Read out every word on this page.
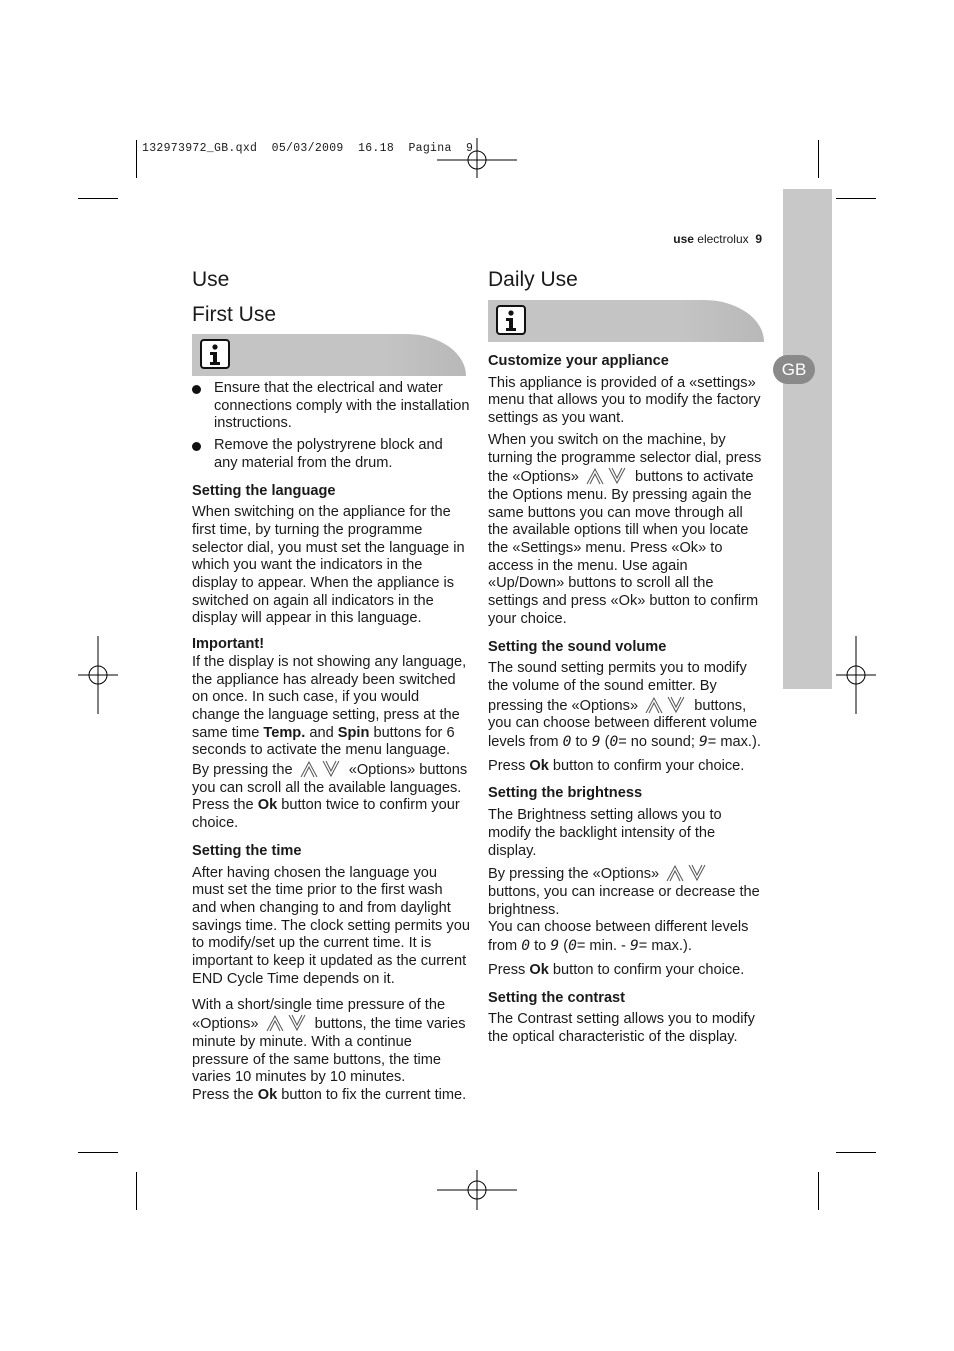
132973972_GB.qxd  05/03/2009  16.18  Pagina  9
GB
use electrolux 9
Use
First Use
Ensure that the electrical and water connections comply with the installation instructions.
Remove the polystryrene block and any material from the drum.
Setting the language

When switching on the appliance for the first time, by turning the programme selector dial, you must set the language in which you want the indicators in the display to appear. When the appliance is switched on again all indicators in the display will appear in this language.

Important!
If the display is not showing any language, the appliance has already been switched on once. In such case, if you would change the language setting, press at the same time Temp. and Spin buttons for 6 seconds to activate the menu language. By pressing the	«Options» buttons you can scroll all the available languages. Press the Ok button twice to confirm your choice.

Setting the time

After having chosen the language you must set the time prior to the first wash and when changing to and from daylight savings time. The clock setting permits you to modify/set up the current time. It is important to keep it updated as the current END Cycle Time depends on it.

With a short/single time pressure of the «Options»	buttons, the time varies minute by minute. With a continue pressure of the same buttons, the time varies 10 minutes by 10 minutes.
Press the Ok button to fix the current time.

Daily Use
Customize your appliance

This appliance is provided of a «settings» menu that allows you to modify the factory settings as you want.

When you switch on the machine, by turning the programme selector dial, press the «Options»	buttons to activate the Options menu. By pressing again the same buttons you can move through all the available options till when you locate the «Settings» menu. Press «Ok» to access in the menu. Use again «Up/Down» buttons to scroll all the settings and press «Ok» button to confirm your choice.

Setting the sound volume

The sound setting permits you to modify the volume of the sound emitter. By pressing the «Options»	buttons, you can choose between different volume levels from 0 to 9 (0= no sound; 9= max.).

Press Ok button to confirm your choice.

Setting the brightness

The Brightness setting allows you to modify the backlight intensity of the display.

By pressing the «Options»  buttons, you can increase or decrease the brightness.
You can choose between different levels from 0 to 9 (0= min. - 9= max.).

Press Ok button to confirm your choice.

Setting the contrast

The Contrast setting allows you to modify the optical characteristic of the display.
